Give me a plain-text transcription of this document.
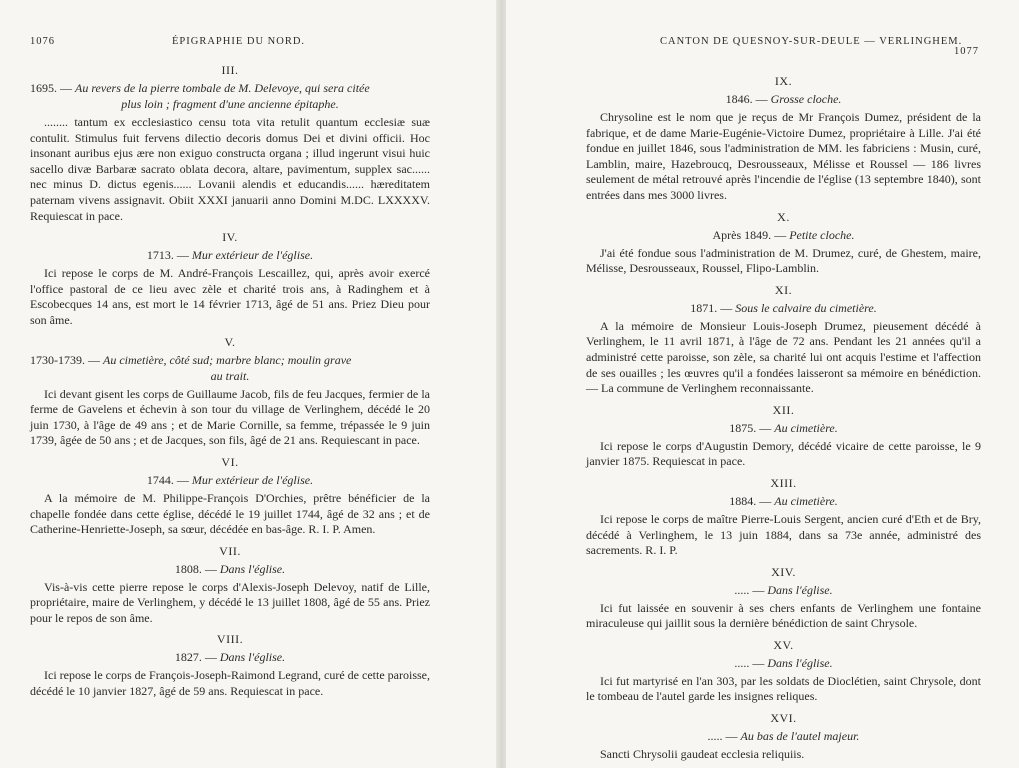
1076	ÉPIGRAPHIE DU NORD.
III.
1695. — Au revers de la pierre tombale de M. Delevoye, qui sera citée
plus loin ; fragment d'une ancienne épitaphe.
........ tantum ex ecclesiastico censu tota vita retulit quantum ecclesiæ suæ contulit. Stimulus fuit fervens dilectio decoris domus Dei et divini officii. Hoc insonant auribus ejus ære non exiguo constructa organa ; illud ingerunt visui huic sacello divæ Barbaræ sacrato oblata decora, altare, pavimentum, supplex sac...... nec minus D. dictus egenis...... Lovanii alendis et educandis...... hæreditatem paternam vivens assignavit. Obiit XXXI januarii anno Domini M.DC. LXXXXV. Requiescat in pace.
IV.
1713. — Mur extérieur de l'église.
Ici repose le corps de M. André-François Lescaillez, qui, après avoir exercé l'office pastoral de ce lieu avec zèle et charité trois ans, à Radinghem et à Escobecques 14 ans, est mort le 14 février 1713, âgé de 51 ans. Priez Dieu pour son âme.
V.
1730-1739. — Au cimetière, côté sud; marbre blanc; moulin grave
au trait.
Ici devant gisent les corps de Guillaume Jacob, fils de feu Jacques, fermier de la ferme de Gavelens et échevin à son tour du village de Verlinghem, décédé le 20 juin 1730, à l'âge de 49 ans ; et de Marie Cornille, sa femme, trépassée le 9 juin 1739, âgée de 50 ans ; et de Jacques, son fils, âgé de 21 ans. Requiescant in pace.
VI.
1744. — Mur extérieur de l'église.
A la mémoire de M. Philippe-François D'Orchies, prêtre bénéficier de la chapelle fondée dans cette église, décédé le 19 juillet 1744, âgé de 32 ans ; et de Catherine-Henriette-Joseph, sa sœur, décédée en bas-âge. R. I. P. Amen.
VII.
1808. — Dans l'église.
Vis-à-vis cette pierre repose le corps d'Alexis-Joseph Delevoy, natif de Lille, propriétaire, maire de Verlinghem, y décédé le 13 juillet 1808, âgé de 55 ans. Priez pour le repos de son âme.
VIII.
1827. — Dans l'église.
Ici repose le corps de François-Joseph-Raimond Legrand, curé de cette paroisse, décédé le 10 janvier 1827, âgé de 59 ans. Requiescat in pace.
CANTON DE QUESNOY-SUR-DEULE — VERLINGHEM.
1077
IX.
1846. — Grosse cloche.
Chrysoline est le nom que je reçus de Mr François Dumez, président de la fabrique, et de dame Marie-Eugénie-Victoire Dumez, propriétaire à Lille. J'ai été fondue en juillet 1846, sous l'administration de MM. les fabriciens : Musin, curé, Lamblin, maire, Hazebroucq, Desrousseaux, Mélisse et Roussel — 186 livres seulement de métal retrouvé après l'incendie de l'église (13 septembre 1840), sont entrées dans mes 3000 livres.
X.
Après 1849. — Petite cloche.
J'ai été fondue sous l'administration de M. Drumez, curé, de Ghestem, maire, Mélisse, Desrousseaux, Roussel, Flipo-Lamblin.
XI.
1871. — Sous le calvaire du cimetière.
A la mémoire de Monsieur Louis-Joseph Drumez, pieusement décédé à Verlinghem, le 11 avril 1871, à l'âge de 72 ans. Pendant les 21 années qu'il a administré cette paroisse, son zèle, sa charité lui ont acquis l'estime et l'affection de ses ouailles ; les œuvres qu'il a fondées laisseront sa mémoire en bénédiction. — La commune de Verlinghem reconnaissante.
XII.
1875. — Au cimetière.
Ici repose le corps d'Augustin Demory, décédé vicaire de cette paroisse, le 9 janvier 1875. Requiescat in pace.
XIII.
1884. — Au cimetière.
Ici repose le corps de maître Pierre-Louis Sergent, ancien curé d'Eth et de Bry, décédé à Verlinghem, le 13 juin 1884, dans sa 73e année, administré des sacrements. R. I. P.
XIV.
..... — Dans l'église.
Ici fut laissée en souvenir à ses chers enfants de Verlinghem une fontaine miraculeuse qui jaillit sous la dernière bénédiction de saint Chrysole.
XV.
..... — Dans l'église.
Ici fut martyrisé en l'an 303, par les soldats de Dioclétien, saint Chrysole, dont le tombeau de l'autel garde les insignes reliques.
XVI.
..... — Au bas de l'autel majeur.
Sancti Chrysolii gaudeat ecclesia reliquiis.
